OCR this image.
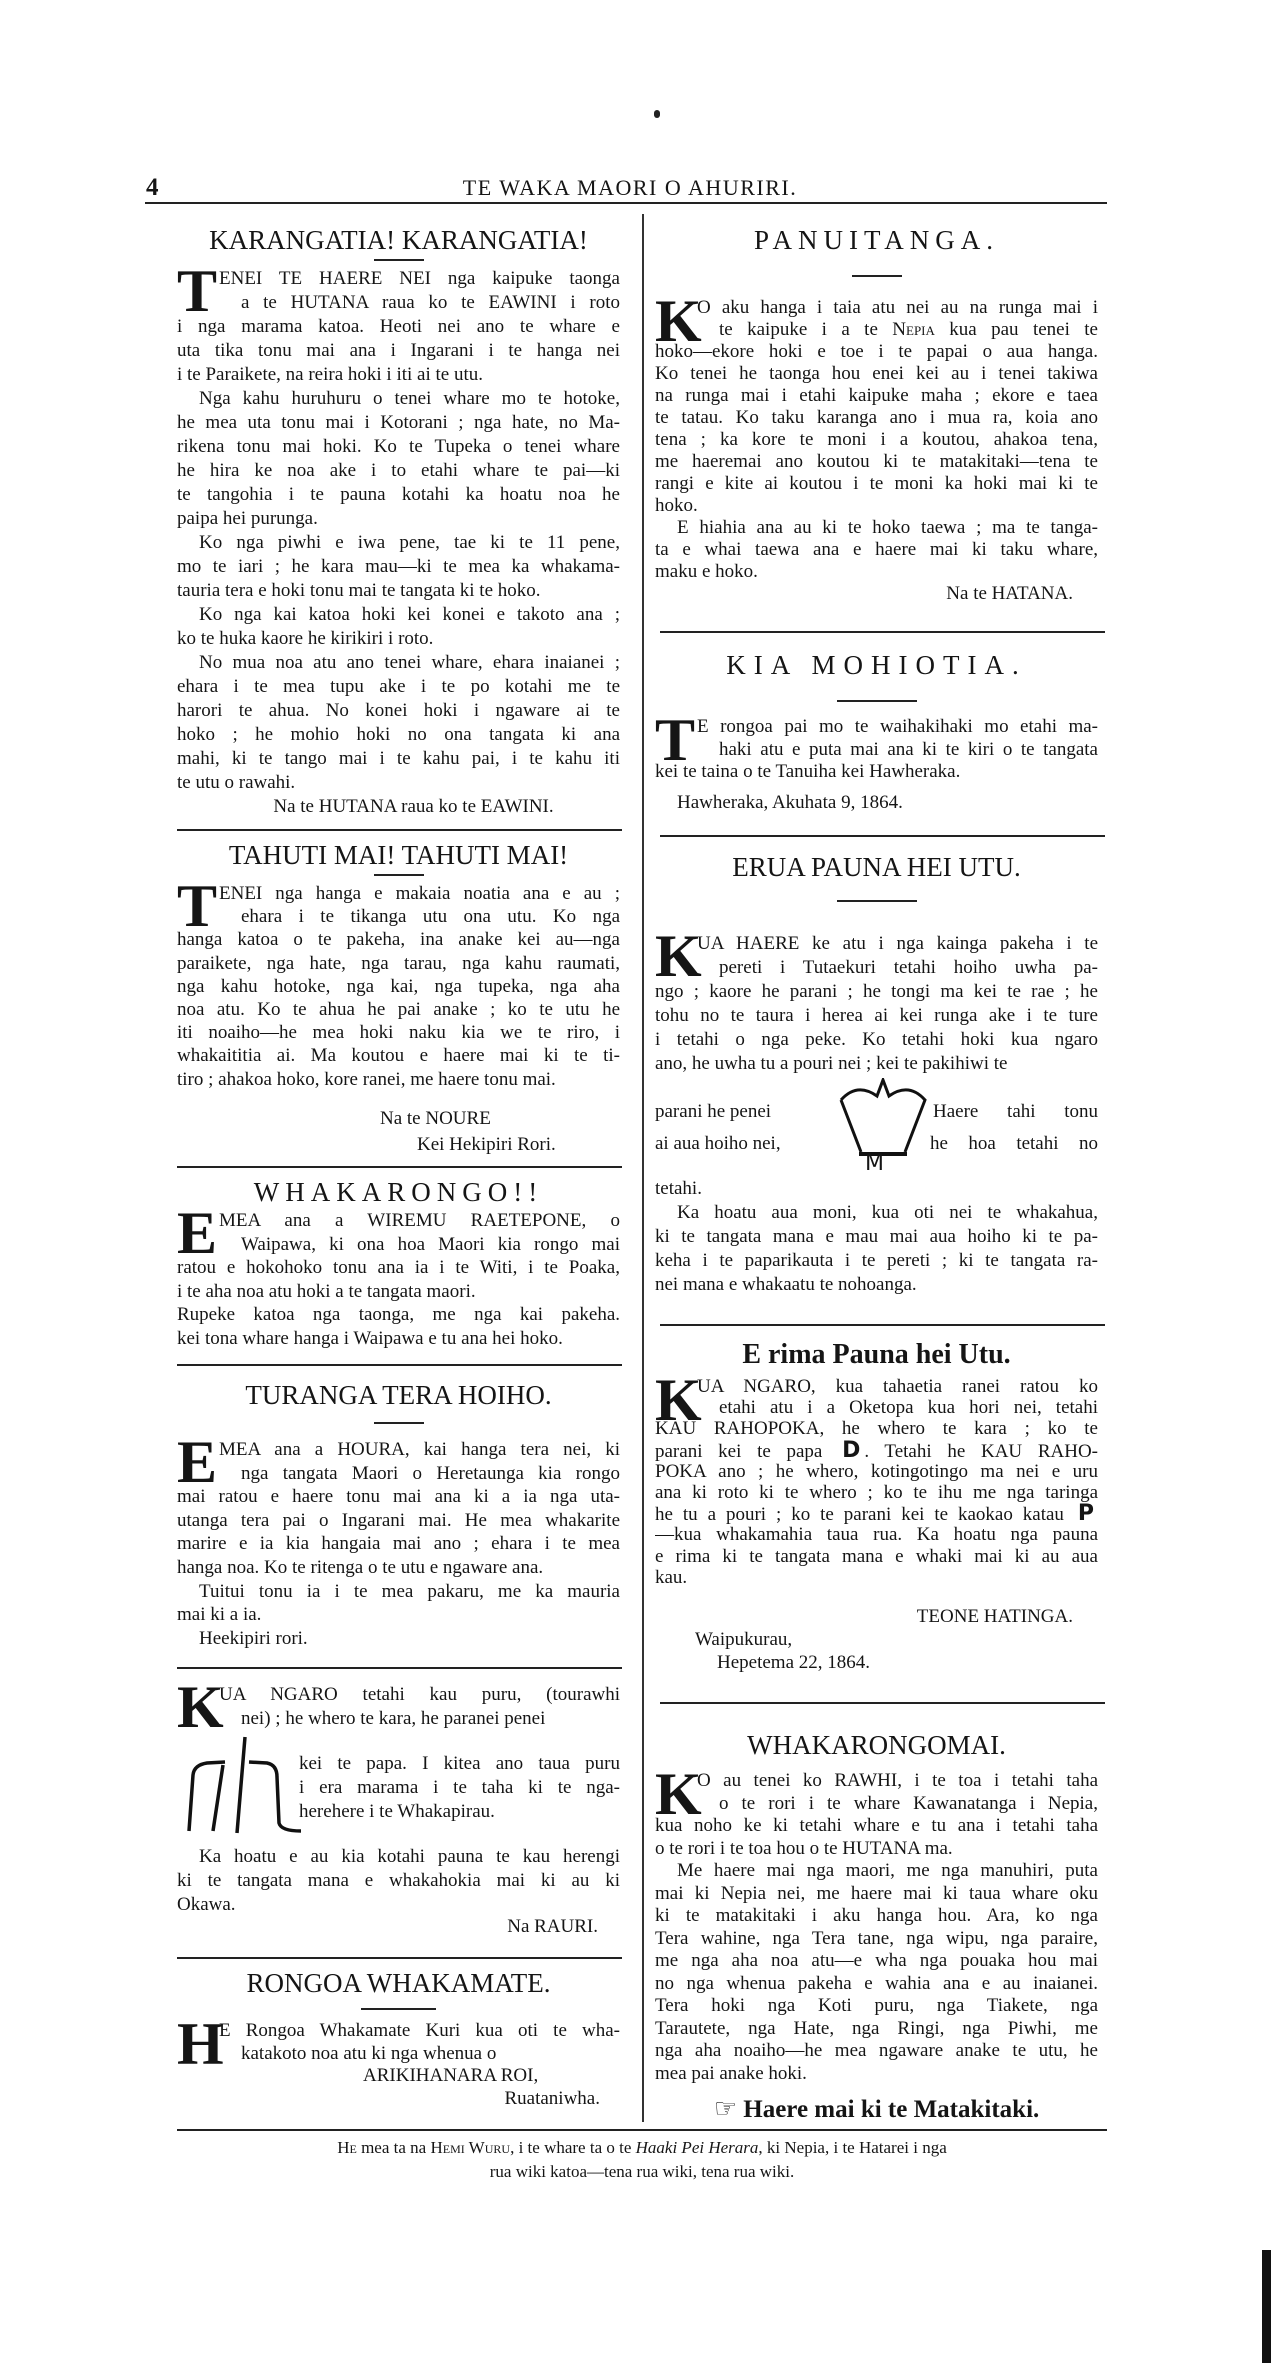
4	TE WAKA MAORI O AHURIRI.
KARANGATIA! KARANGATIA!
T ENEI TE HAERE NEI nga kaipuke taonga
a te HUTANA raua ko te EAWINI i roto
i nga marama katoa. Heoti nei ano te whare e
uta tika tonu mai ana i Ingarani i te hanga nei
i te Paraikete, na reira hoki i iti ai te utu.
Nga kahu huruhuru o tenei whare mo te hotoke,
he mea uta tonu mai i Kotorani ; nga hate, no Ma-
rikena tonu mai hoki. Ko te Tupeka o tenei whare
he hira ke noa ake i to etahi whare te pai—ki
te tangohia i te pauna kotahi ka hoatu noa he
paipa hei purunga.
Ko nga piwhi e iwa pene, tae ki te 11 pene,
mo te iari ; he kara mau—ki te mea ka whakama-
tauria tera e hoki tonu mai te tangata ki te hoko.
Ko nga kai katoa hoki kei konei e takoto ana ;
ko te huka kaore he kirikiri i roto.
No mua noa atu ano tenei whare, ehara inaianei ;
ehara i te mea tupu ake i te po kotahi me te
harori te ahua. No konei hoki i ngaware ai te
hoko ; he mohio hoki no ona tangata ki ana
mahi, ki te tango mai i te kahu pai, i te kahu iti
te utu o rawahi.
Na te HUTANA raua ko te EAWINI.
TAHUTI MAI! TAHUTI MAI!
T ENEI nga hanga e makaia noatia ana e au ;
ehara i te tikanga utu ona utu. Ko nga
hanga katoa o te pakeha, ina anake kei au—nga
paraikete, nga hate, nga tarau, nga kahu raumati,
nga kahu hotoke, nga kai, nga tupeka, nga aha
noa atu. Ko te ahua he pai anake ; ko te utu he
iti noaiho—he mea hoki naku kia we te riro, i
whakaititia ai. Ma koutou e haere mai ki te ti-
tiro ; ahakoa hoko, kore ranei, me haere tonu mai.
Na te NOURE
Kei Hekipiri Rori.
WHAKARONGO!!
E MEA ana a WIREMU RAETEPONE, o
Waipawa, ki ona hoa Maori kia rongo mai
ratou e hokohoko tonu ana ia i te Witi, i te Poaka,
i te aha noa atu hoki a te tangata maori.
Rupeke katoa nga taonga, me nga kai pakeha.
kei tona whare hanga i Waipawa e tu ana hei hoko.
TURANGA TERA HOIHO.
E MEA ana a HOURA, kai hanga tera nei, ki
nga tangata Maori o Heretaunga kia rongo
mai ratou e haere tonu mai ana ki a ia nga uta-
utanga tera pai o Ingarani mai. He mea whakarite
marire e ia kia hangaia mai ano ; ehara i te mea
hanga noa. Ko te ritenga o te utu e ngaware ana.
Tuitui tonu ia i te mea pakaru, me ka mauria
mai ki a ia.
Heekipiri rori.
K
UA NGARO tetahi kau puru, (tourawhi
nei) ; he whero te kara, he paranei penei
kei te papa. I kitea ano taua puru
i era marama i te taha ki te nga-
herehere i te Whakapirau.
Ka hoatu e au kia kotahi pauna te kau herengi
ki te tangata mana e whakahokia mai ki au ki
Okawa.
Na RAURI.
RONGOA WHAKAMATE.
H
E Rongoa Whakamate Kuri kua oti te wha-
katakoto noa atu ki nga whenua o
ARIKIHANARA ROI,
Ruataniwha.
PANUITANGA.
K
O aku hanga i taia atu nei au na runga mai i
te kaipuke i a te Nepia kua pau tenei te
hoko—ekore hoki e toe i te papai o aua hanga.
Ko tenei he taonga hou enei kei au i tenei takiwa
na runga mai i etahi kaipuke maha ; ekore e taea
te tatau. Ko taku karanga ano i mua ra, koia ano
tena ; ka kore te moni i a koutou, ahakoa tena,
me haeremai ano koutou ki te matakitaki—tena te
rangi e kite ai koutou i te moni ka hoki mai ki te
hoko.
E hiahia ana au ki te hoko taewa ; ma te tanga-
ta e whai taewa ana e haere mai ki taku whare,
maku e hoko.
Na te HATANA.
KIA MOHIOTIA.
T E rongoa pai mo te waihakihaki mo etahi ma-
haki atu e puta mai ana ki te kiri o te tangata
kei te taina o te Tanuiha kei Hawheraka.
Hawheraka, Akuhata 9, 1864.
ERUA PAUNA HEI UTU.
K
UA HAERE ke atu i nga kainga pakeha i te
pereti i Tutaekuri tetahi hoiho uwha pa-
ngo ; kaore he parani ; he tongi ma kei te rae ; he
tohu no te taura i herea ai kei runga ake i te ture
i tetahi o nga peke. Ko tetahi hoki kua ngaro
ano, he uwha tu a pouri nei ; kei te pakihiwi te
parani he penei	Haere tahi tonu
ai aua hoiho nei,	he hoa tetahi no
M
tetahi.
Ka hoatu aua moni, kua oti nei te whakahua,
ki te tangata mana e mau mai aua hoiho ki te pa-
keha i te paparikauta i te pereti ; ki te tangata ra-
nei mana e whakaatu te nohoanga.
E rima Pauna hei Utu.
K
UA NGARO, kua tahaetia ranei ratou ko
etahi atu i a Oketopa kua hori nei, tetahi
KAU RAHOPOKA, he whero te kara ; ko te
parani kei te papa D . Tetahi he KAU RAHO-
POKA ano ; he whero, kotingotingo ma nei e uru
ana ki roto ki te whero ; ko te ihu me nga taringa
he tu a pouri ; ko te parani kei te kaokao katau P
—kua whakamahia taua rua. Ka hoatu nga pauna
e rima ki te tangata mana e whaki mai ki au aua
kau.
TEONE HATINGA.
Waipukurau,
Hepetema 22, 1864.
WHAKARONGOMAI.
K
O au tenei ko RAWHI, i te toa i tetahi taha
o te rori i te whare Kawanatanga i Nepia,
kua noho ke ki tetahi whare e tu ana i tetahi taha
o te rori i te toa hou o te HUTANA ma.
Me haere mai nga maori, me nga manuhiri, puta
mai ki Nepia nei, me haere mai ki taua whare oku
ki te matakitaki i aku hanga hou. Ara, ko nga
Tera wahine, nga Tera tane, nga wipu, nga paraire,
me nga aha noa atu—e wha nga pouaka hou mai
no nga whenua pakeha e wahia ana e au inaianei.
Tera hoki nga Koti puru, nga Tiakete, nga
Tarautete, nga Hate, nga Ringi, nga Piwhi, me
nga aha noaiho—he mea ngaware anake te utu, he
mea pai anake hoki.
☞ Haere mai ki te Matakitaki.
He mea ta na Hemi Wuru, i te whare ta o te Haaki Pei Herara, ki Nepia, i te Hatarei i nga
rua wiki katoa—tena rua wiki, tena rua wiki.
